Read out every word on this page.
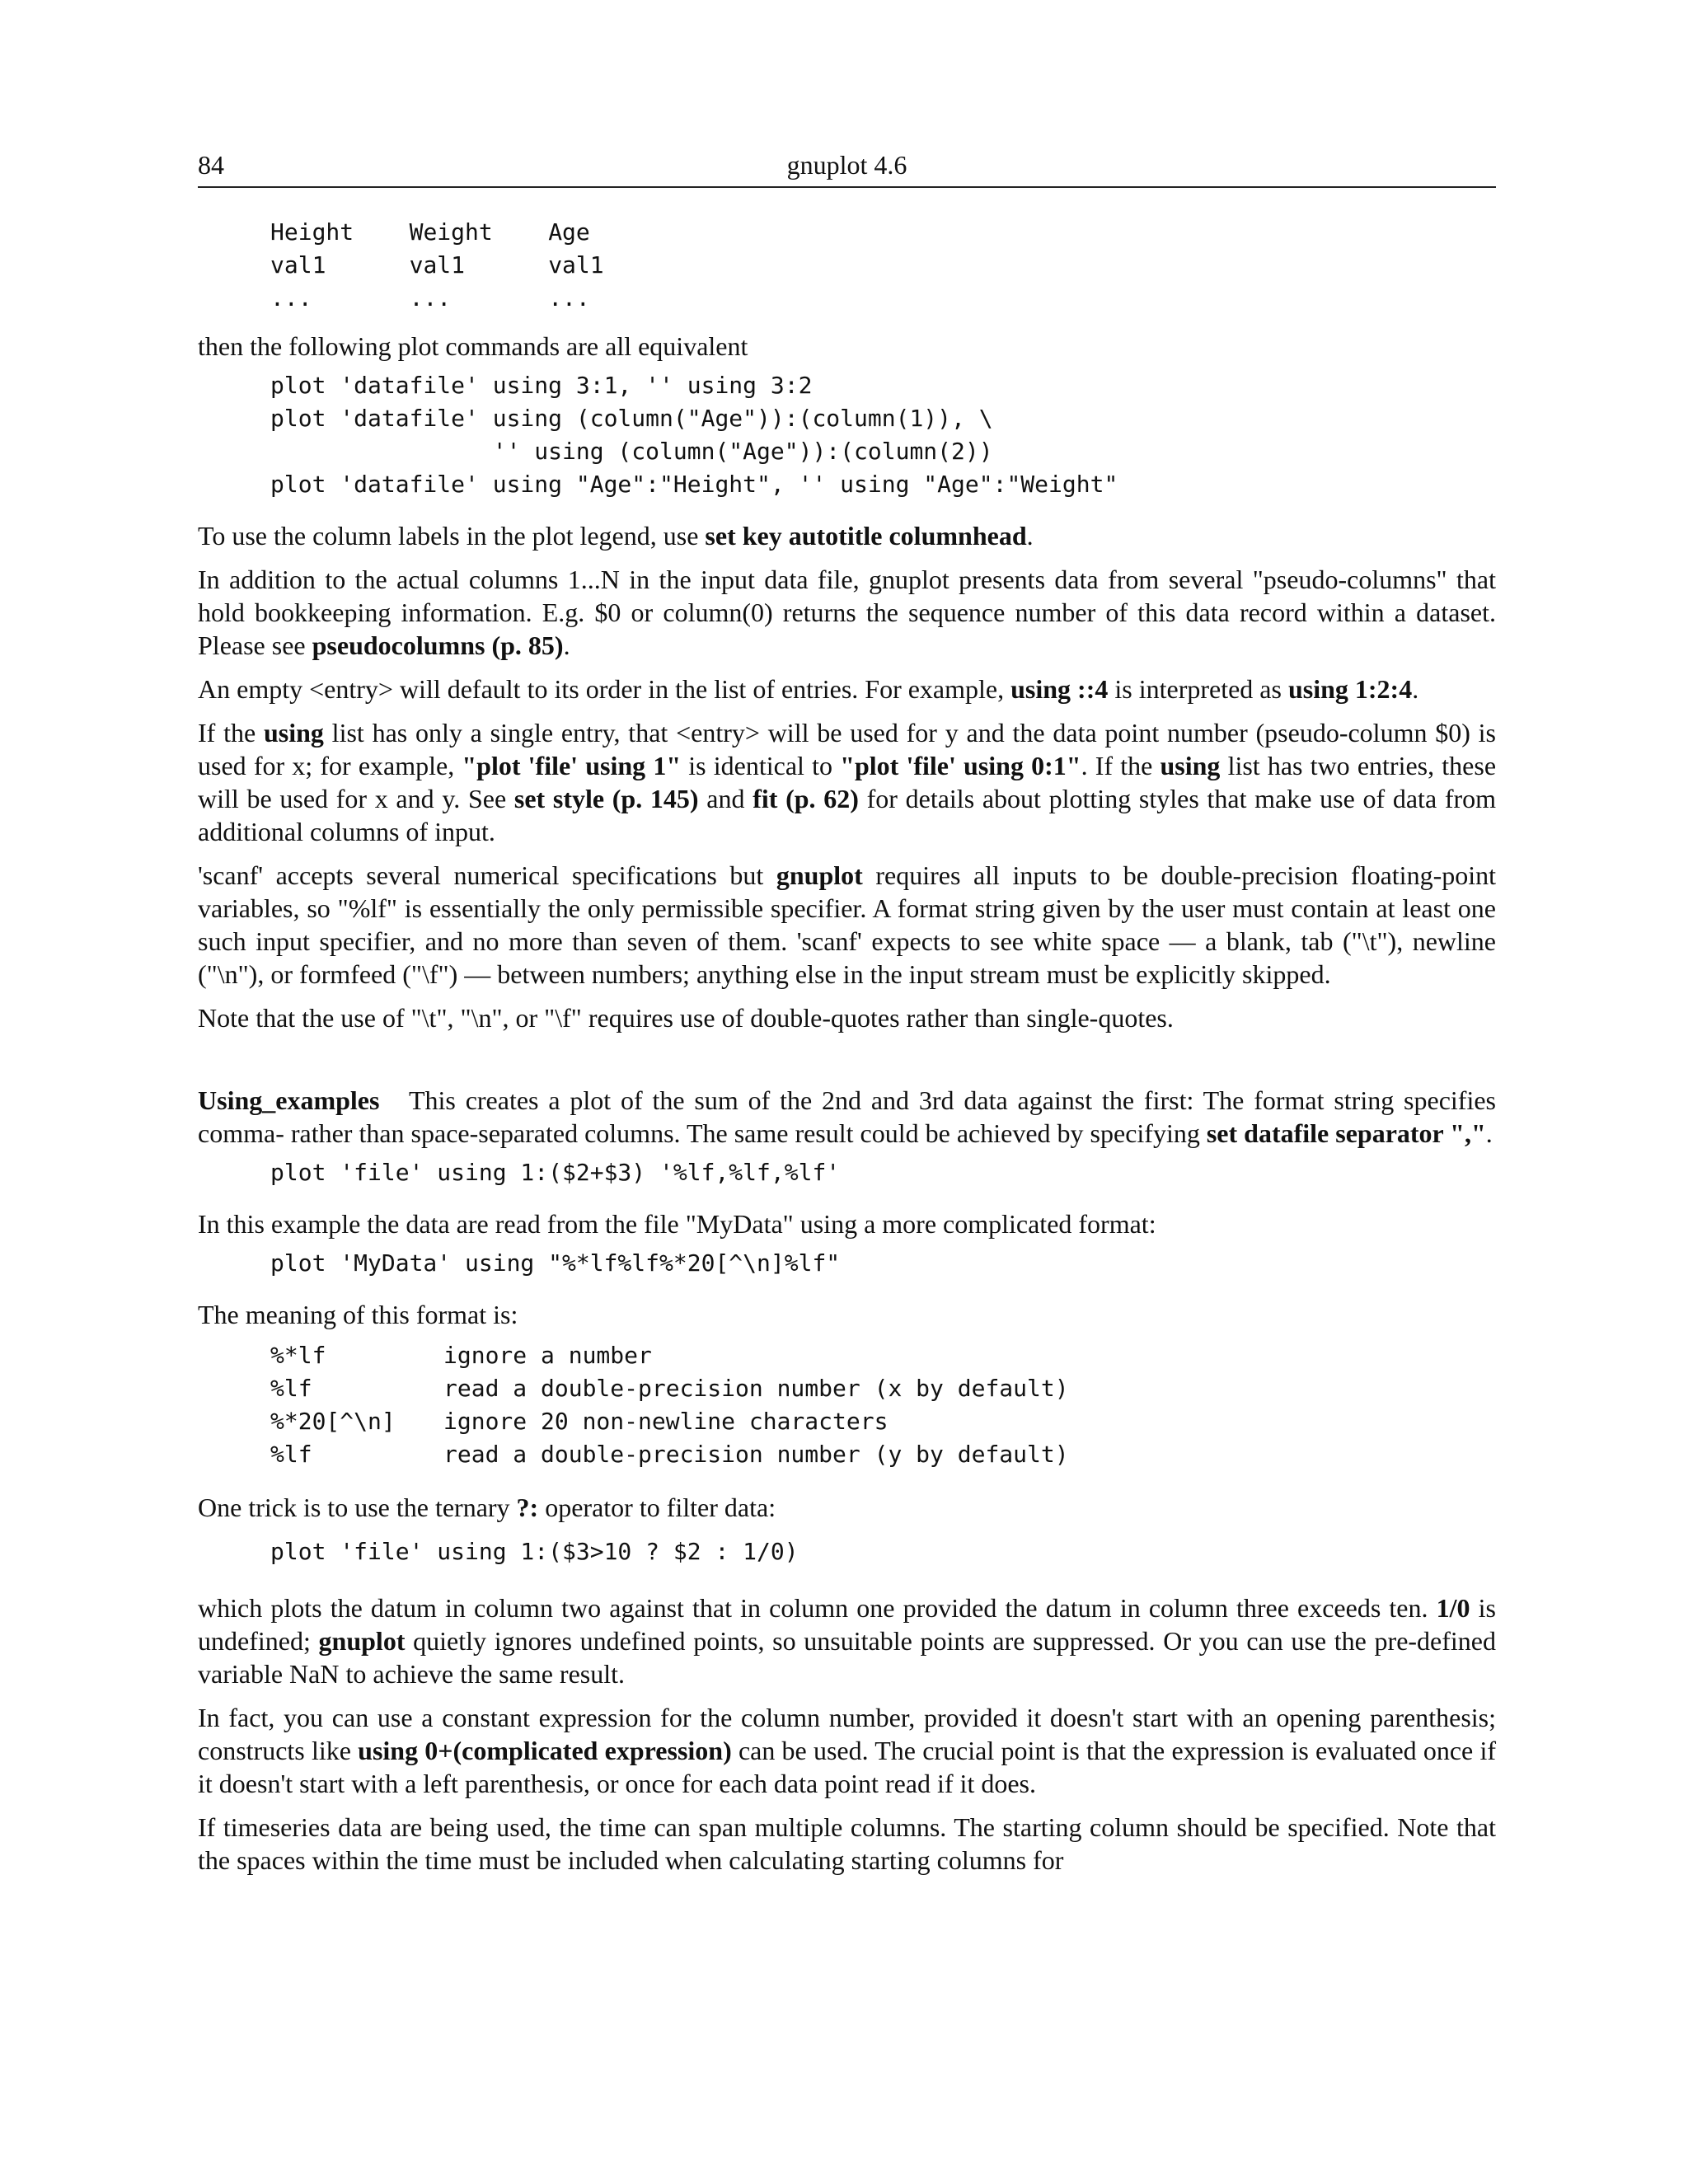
84	gnuplot 4.6
Height Weight Age
val1	val1	val1
...	...	...

then the following plot commands are all equivalent

plot 'datafile' using 3:1, '' using 3:2
plot 'datafile' using (column("Age")):(column(1)), \
'' using (column("Age")):(column(2))
plot 'datafile' using "Age":"Height", '' using "Age":"Weight"

To use the column labels in the plot legend, use set key autotitle columnhead.

In addition to the actual columns 1...N in the input data file, gnuplot presents data from several "pseudo-columns" that hold bookkeeping information. E.g. $0 or column(0) returns the sequence number of this data record within a dataset. Please see pseudocolumns (p. 85).

An empty <entry> will default to its order in the list of entries. For example, using ::4 is interpreted as using 1:2:4.

If the using list has only a single entry, that <entry> will be used for y and the data point number (pseudo-column $0) is used for x; for example, "plot 'file' using 1" is identical to "plot 'file' using 0:1". If the using list has two entries, these will be used for x and y. See set style (p. 145) and fit (p. 62) for details about plotting styles that make use of data from additional columns of input.

'scanf' accepts several numerical specifications but gnuplot requires all inputs to be double-precision floating-point variables, so "%lf" is essentially the only permissible specifier. A format string given by the user must contain at least one such input specifier, and no more than seven of them. 'scanf' expects to see white space — a blank, tab ("\t"), newline ("\n"), or formfeed ("\f") — between numbers; anything else in the input stream must be explicitly skipped.

Note that the use of "\t", "\n", or "\f" requires use of double-quotes rather than single-quotes.

Using_examples This creates a plot of the sum of the 2nd and 3rd data against the first: The format string specifies comma- rather than space-separated columns. The same result could be achieved by specifying set datafile separator ",".

plot 'file' using 1:($2+$3) '%lf,%lf,%lf'

In this example the data are read from the file "MyData" using a more complicated format:

plot 'MyData' using "%*lf%lf%*20[^\n]%lf"

The meaning of this format is:

%*lf	ignore a number
%lf	read a double-precision number (x by default)
%*20[^\n]	ignore 20 non-newline characters
%lf	read a double-precision number (y by default)

One trick is to use the ternary ?: operator to filter data:

plot 'file' using 1:($3>10 ? $2 : 1/0)

which plots the datum in column two against that in column one provided the datum in column three exceeds ten. 1/0 is undefined; gnuplot quietly ignores undefined points, so unsuitable points are suppressed. Or you can use the pre-defined variable NaN to achieve the same result.

In fact, you can use a constant expression for the column number, provided it doesn't start with an opening parenthesis; constructs like using 0+(complicated expression) can be used. The crucial point is that the expression is evaluated once if it doesn't start with a left parenthesis, or once for each data point read if it does.

If timeseries data are being used, the time can span multiple columns. The starting column should be specified. Note that the spaces within the time must be included when calculating starting columns for
